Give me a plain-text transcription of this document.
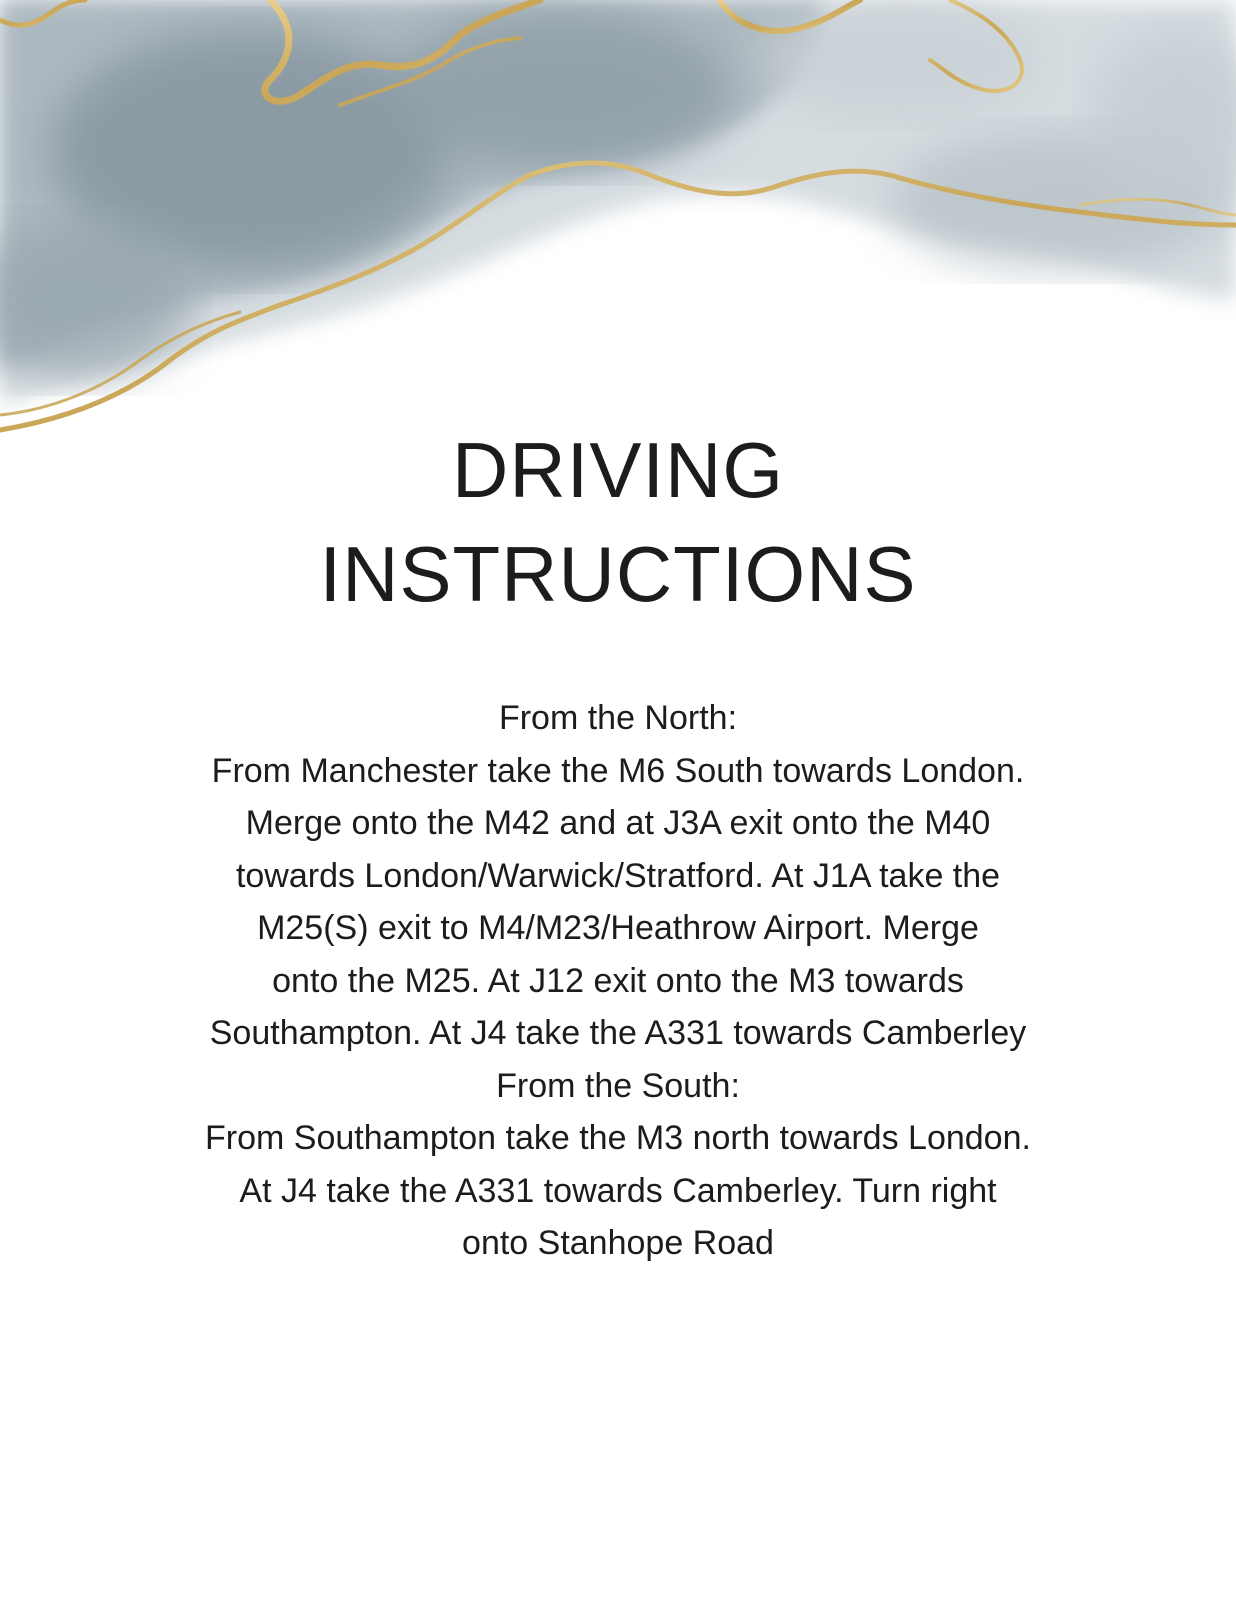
DRIVING
INSTRUCTIONS
From the North:
From Manchester take the M6 South towards London.
Merge onto the M42 and at J3A exit onto the M40
towards London/Warwick/Stratford. At J1A take the
M25(S) exit to M4/M23/Heathrow Airport. Merge
onto the M25. At J12 exit onto the M3 towards
Southampton. At J4 take the A331 towards Camberley
From the South:
From Southampton take the M3 north towards London.
At J4 take the A331 towards Camberley. Turn right
onto Stanhope Road
